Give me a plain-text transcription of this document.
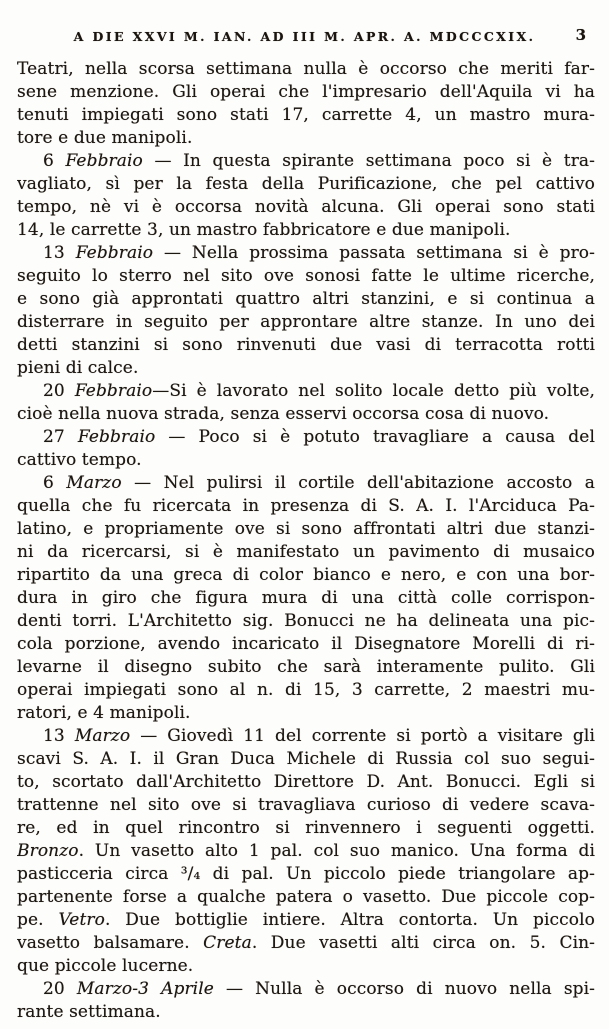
A DIE XXVI M. IAN. AD III M. APR. A. MDCCCXIX.	3
Teatri, nella scorsa settimana nulla è occorso che meriti far-
sene menzione. Gli operai che l'impresario dell'Aquila vi ha
tenuti impiegati sono stati 17, carrette 4, un mastro mura-
tore e due manipoli.
6 Febbraio — In questa spirante settimana poco si è tra-
vagliato, sì per la festa della Purificazione, che pel cattivo
tempo, nè vi è occorsa novità alcuna. Gli operai sono stati
14, le carrette 3, un mastro fabbricatore e due manipoli.
13 Febbraio — Nella prossima passata settimana si è pro-
seguito lo sterro nel sito ove sonosi fatte le ultime ricerche,
e sono già approntati quattro altri stanzini, e si continua a
disterrare in seguito per approntare altre stanze. In uno dei
detti stanzini si sono rinvenuti due vasi di terracotta rotti
pieni di calce.
20 Febbraio—Si è lavorato nel solito locale detto più volte,
cioè nella nuova strada, senza esservi occorsa cosa di nuovo.
27 Febbraio — Poco si è potuto travagliare a causa del
cattivo tempo.
6 Marzo — Nel pulirsi il cortile dell'abitazione accosto a
quella che fu ricercata in presenza di S. A. I. l'Arciduca Pa-
latino, e propriamente ove si sono affrontati altri due stanzi-
ni da ricercarsi, si è manifestato un pavimento di musaico
ripartito da una greca di color bianco e nero, e con una bor-
dura in giro che figura mura di una città colle corrispon-
denti torri. L'Architetto sig. Bonucci ne ha delineata una pic-
cola porzione, avendo incaricato il Disegnatore Morelli di ri-
levarne il disegno subito che sarà interamente pulito. Gli
operai impiegati sono al n. di 15, 3 carrette, 2 maestri mu-
ratori, e 4 manipoli.
13 Marzo — Giovedì 11 del corrente si portò a visitare gli
scavi S. A. I. il Gran Duca Michele di Russia col suo segui-
to, scortato dall'Architetto Direttore D. Ant. Bonucci. Egli si
trattenne nel sito ove si travagliava curioso di vedere scava-
re, ed in quel rincontro si rinvennero i seguenti oggetti.
Bronzo. Un vasetto alto 1 pal. col suo manico. Una forma di
pasticceria circa ³/₄ di pal. Un piccolo piede triangolare ap-
partenente forse a qualche patera o vasetto. Due piccole cop-
pe. Vetro. Due bottiglie intiere. Altra contorta. Un piccolo
vasetto balsamare. Creta. Due vasetti alti circa on. 5. Cin-
que piccole lucerne.
20 Marzo-3 Aprile — Nulla è occorso di nuovo nella spi-
rante settimana.
